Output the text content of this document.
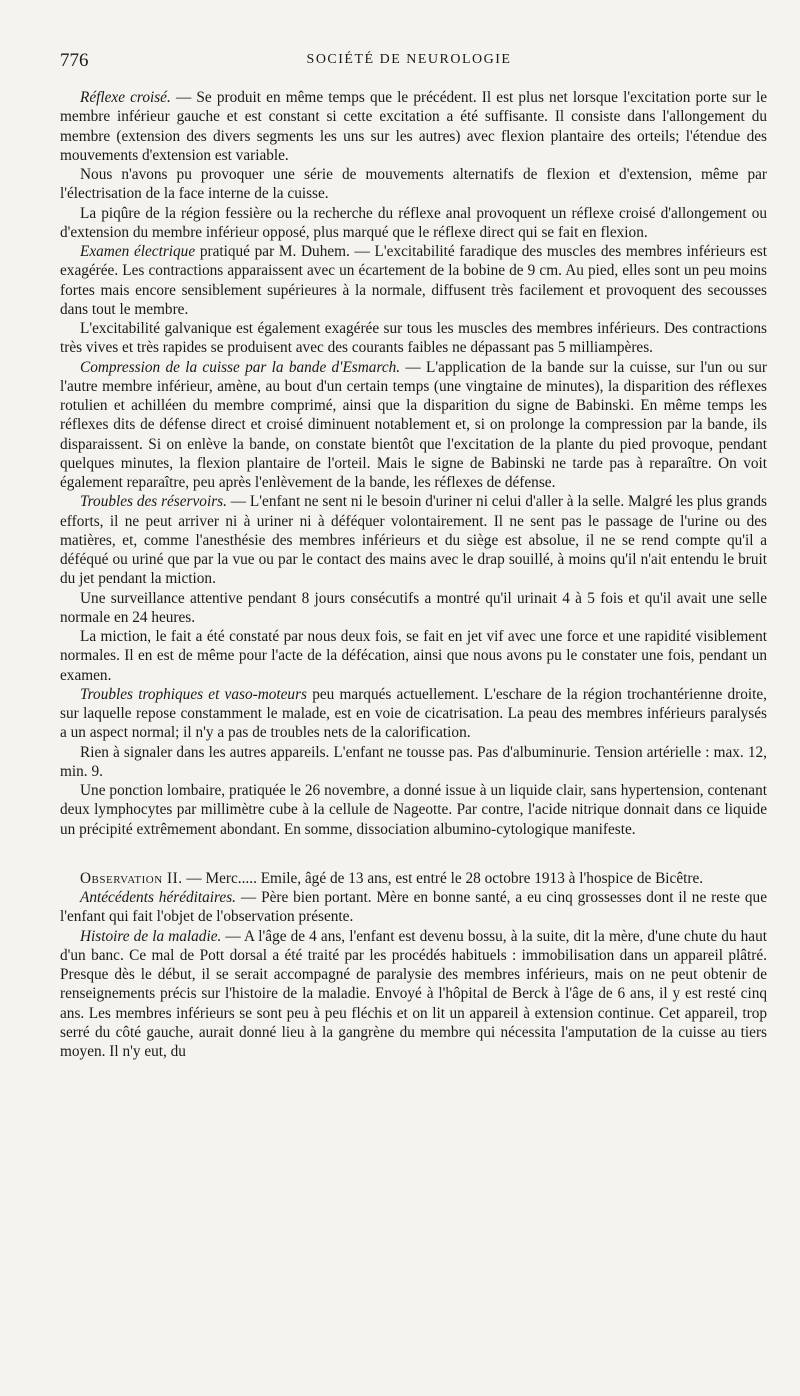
776	SOCIÉTÉ DE NEUROLOGIE

Réflexe croisé. — Se produit en même temps que le précédent. Il est plus net lorsque l'excitation porte sur le membre inférieur gauche et est constant si cette excitation a été suffisante. Il consiste dans l'allongement du membre (extension des divers segments les uns sur les autres) avec flexion plantaire des orteils; l'étendue des mouvements d'extension est variable.

Nous n'avons pu provoquer une série de mouvements alternatifs de flexion et d'extension, même par l'électrisation de la face interne de la cuisse.

La piqûre de la région fessière ou la recherche du réflexe anal provoquent un réflexe croisé d'allongement ou d'extension du membre inférieur opposé, plus marqué que le réflexe direct qui se fait en flexion.

Examen électrique pratiqué par M. Duhem. — L'excitabilité faradique des muscles des membres inférieurs est exagérée. Les contractions apparaissent avec un écartement de la bobine de 9 cm. Au pied, elles sont un peu moins fortes mais encore sensiblement supérieures à la normale, diffusent très facilement et provoquent des secousses dans tout le membre.

L'excitabilité galvanique est également exagérée sur tous les muscles des membres inférieurs. Des contractions très vives et très rapides se produisent avec des courants faibles ne dépassant pas 5 milliampères.

Compression de la cuisse par la bande d'Esmarch. — L'application de la bande sur la cuisse, sur l'un ou sur l'autre membre inférieur, amène, au bout d'un certain temps (une vingtaine de minutes), la disparition des réflexes rotulien et achilléen du membre comprimé, ainsi que la disparition du signe de Babinski. En même temps les réflexes dits de défense direct et croisé diminuent notablement et, si on prolonge la compression par la bande, ils disparaissent. Si on enlève la bande, on constate bientôt que l'excitation de la plante du pied provoque, pendant quelques minutes, la flexion plantaire de l'orteil. Mais le signe de Babinski ne tarde pas à reparaître. On voit également reparaître, peu après l'enlèvement de la bande, les réflexes de défense.

Troubles des réservoirs. — L'enfant ne sent ni le besoin d'uriner ni celui d'aller à la selle. Malgré les plus grands efforts, il ne peut arriver ni à uriner ni à déféquer volontairement. Il ne sent pas le passage de l'urine ou des matières, et, comme l'anesthésie des membres inférieurs et du siège est absolue, il ne se rend compte qu'il a déféqué ou uriné que par la vue ou par le contact des mains avec le drap souillé, à moins qu'il n'ait entendu le bruit du jet pendant la miction.

Une surveillance attentive pendant 8 jours consécutifs a montré qu'il urinait 4 à 5 fois et qu'il avait une selle normale en 24 heures.

La miction, le fait a été constaté par nous deux fois, se fait en jet vif avec une force et une rapidité visiblement normales. Il en est de même pour l'acte de la défécation, ainsi que nous avons pu le constater une fois, pendant un examen.

Troubles trophiques et vaso-moteurs peu marqués actuellement. L'eschare de la région trochantérienne droite, sur laquelle repose constamment le malade, est en voie de cicatrisation. La peau des membres inférieurs paralysés a un aspect normal; il n'y a pas de troubles nets de la calorification.

Rien à signaler dans les autres appareils. L'enfant ne tousse pas. Pas d'albuminurie. Tension artérielle : max. 12, min. 9.

Une ponction lombaire, pratiquée le 26 novembre, a donné issue à un liquide clair, sans hypertension, contenant deux lymphocytes par millimètre cube à la cellule de Nageotte. Par contre, l'acide nitrique donnait dans ce liquide un précipité extrêmement abondant. En somme, dissociation albumino-cytologique manifeste.

Observation II. — Merc..... Emile, âgé de 13 ans, est entré le 28 octobre 1913 à l'hospice de Bicêtre.

Antécédents héréditaires. — Père bien portant. Mère en bonne santé, a eu cinq grossesses dont il ne reste que l'enfant qui fait l'objet de l'observation présente.

Histoire de la maladie. — A l'âge de 4 ans, l'enfant est devenu bossu, à la suite, dit la mère, d'une chute du haut d'un banc. Ce mal de Pott dorsal a été traité par les procédés habituels : immobilisation dans un appareil plâtré. Presque dès le début, il se serait accompagné de paralysie des membres inférieurs, mais on ne peut obtenir de renseignements précis sur l'histoire de la maladie. Envoyé à l'hôpital de Berck à l'âge de 6 ans, il y est resté cinq ans. Les membres inférieurs se sont peu à peu fléchis et on lit un appareil à extension continue. Cet appareil, trop serré du côté gauche, aurait donné lieu à la gangrène du membre qui nécessita l'amputation de la cuisse au tiers moyen. Il n'y eut, du
